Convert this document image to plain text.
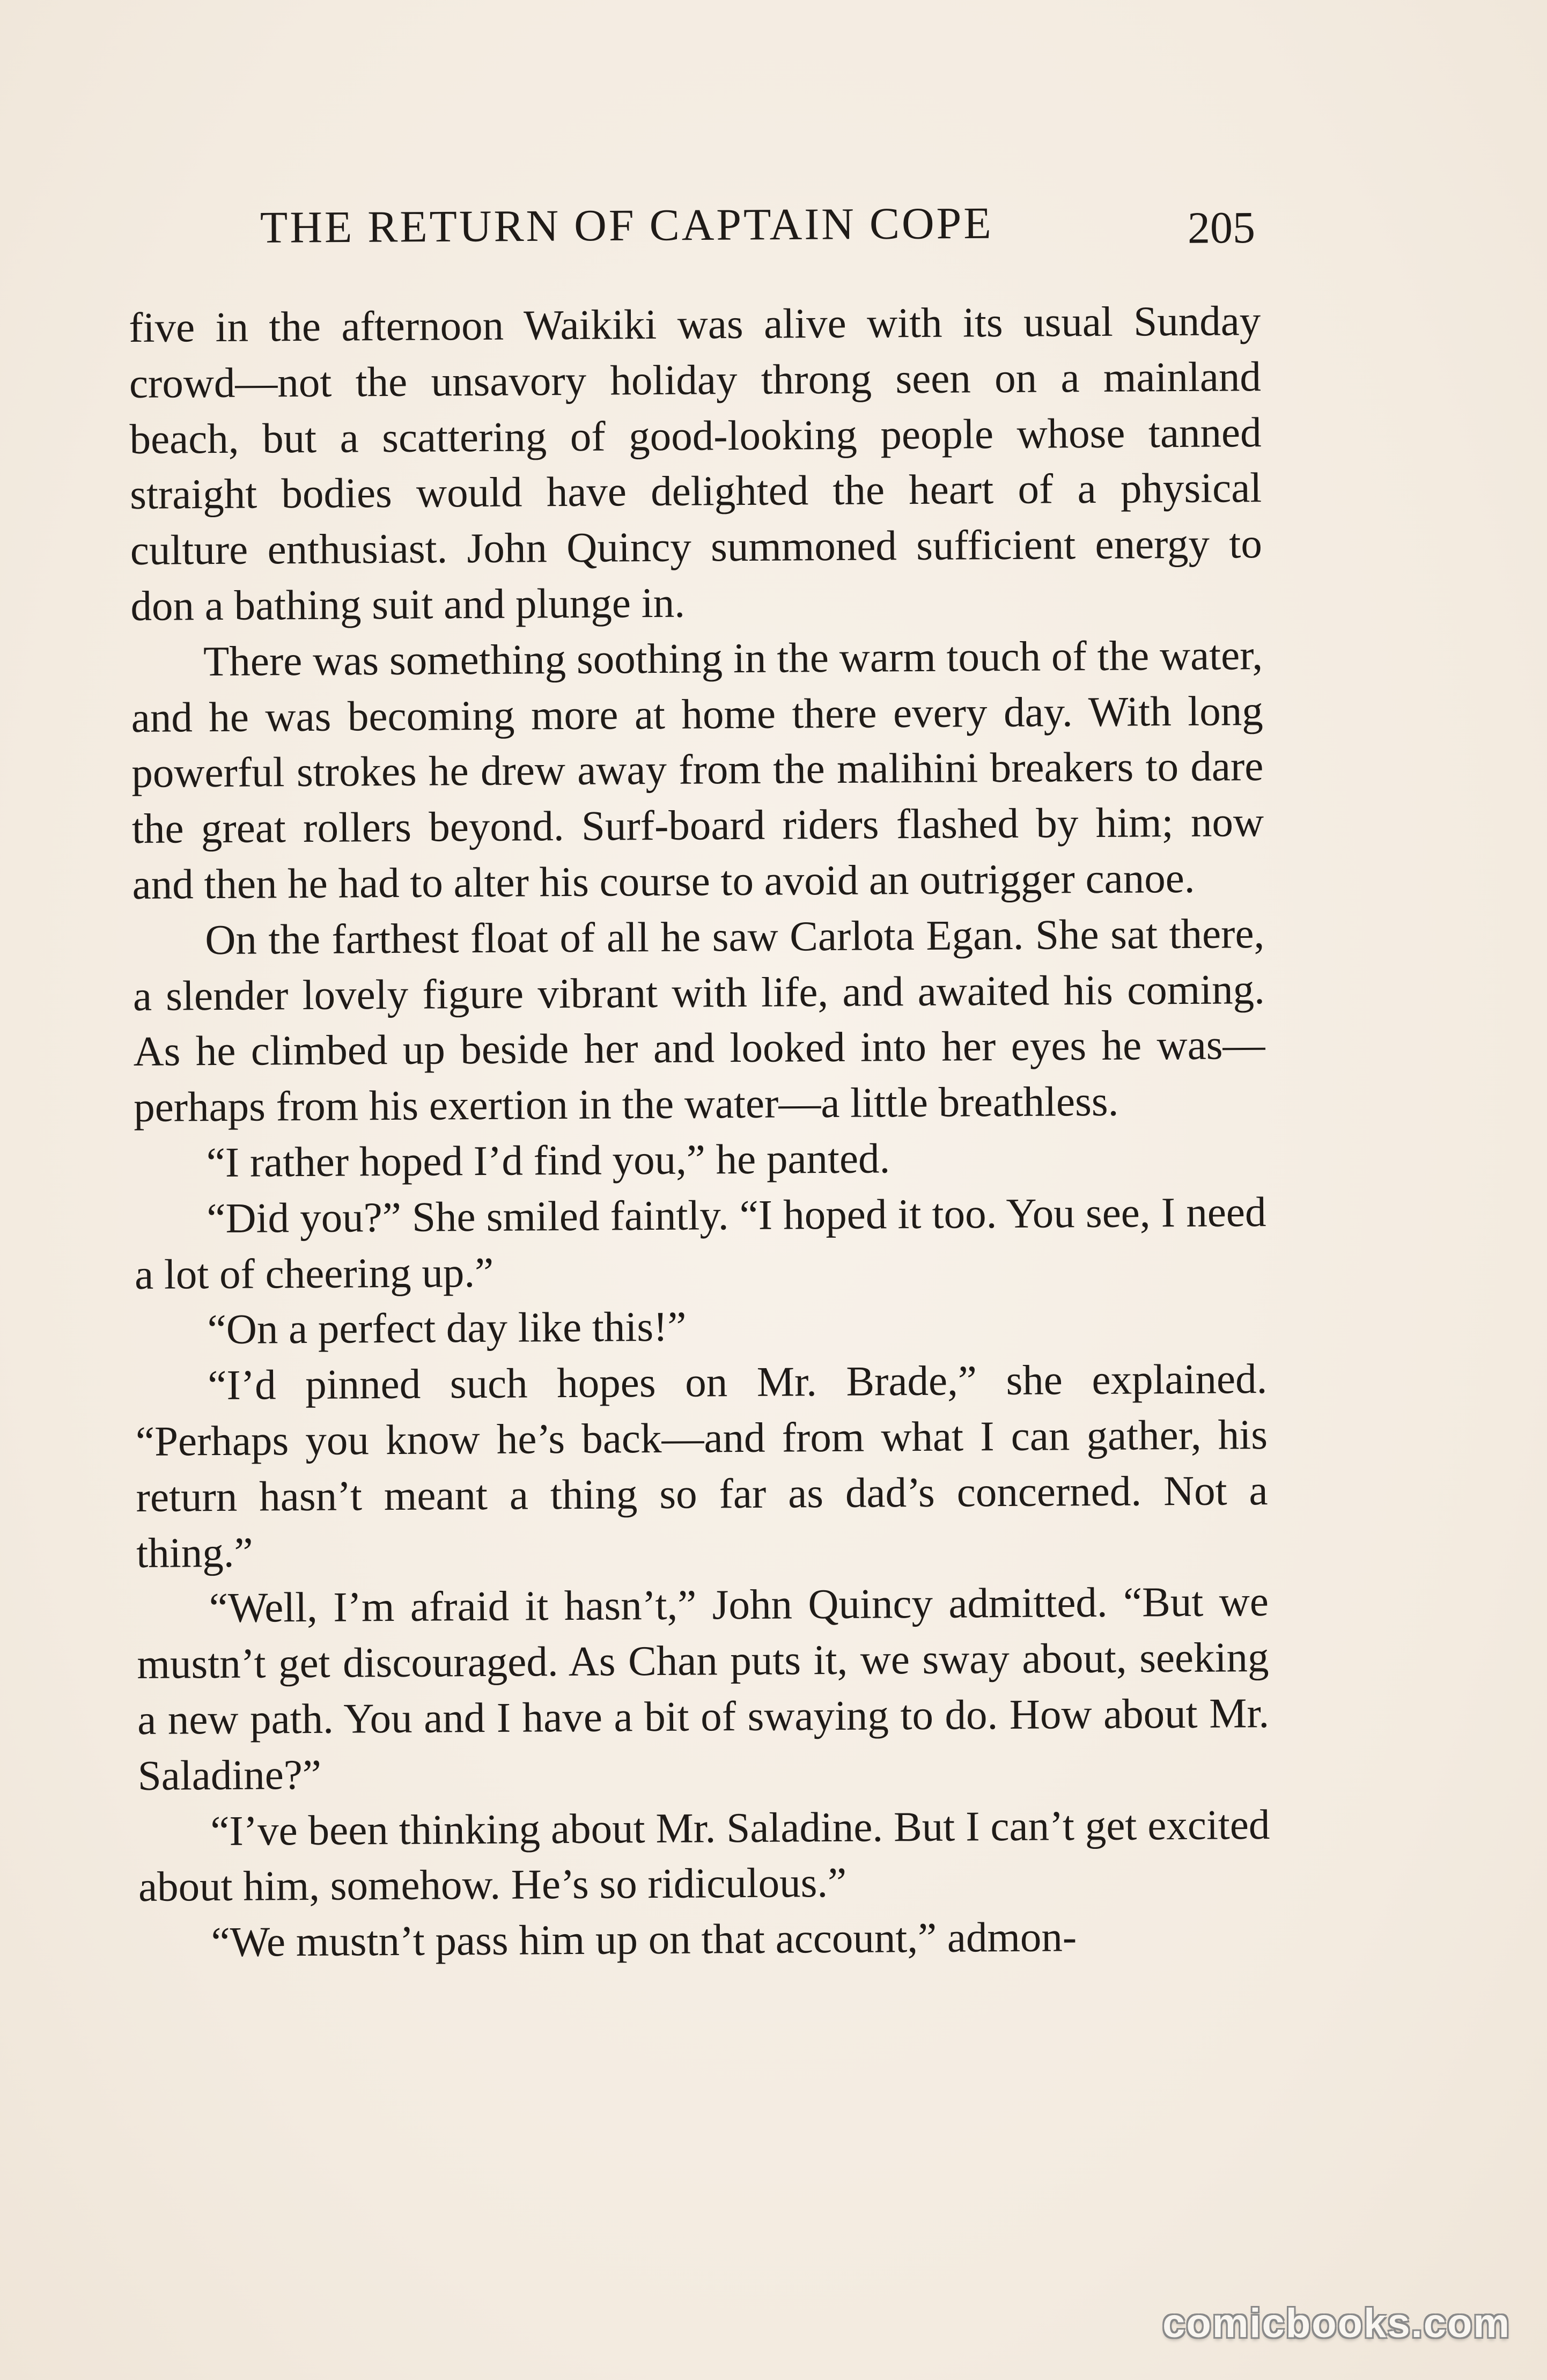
THE RETURN OF CAPTAIN COPE	205

five in the afternoon Waikiki was alive with its usual Sunday crowd—not the unsavory holiday throng seen on a mainland beach, but a scattering of good-looking people whose tanned straight bodies would have delighted the heart of a physical culture enthusiast. John Quincy summoned sufficient energy to don a bathing suit and plunge in.

There was something soothing in the warm touch of the water, and he was becoming more at home there every day. With long powerful strokes he drew away from the malihini breakers to dare the great rollers beyond. Surf-board riders flashed by him; now and then he had to alter his course to avoid an outrigger canoe.

On the farthest float of all he saw Carlota Egan. She sat there, a slender lovely figure vibrant with life, and awaited his coming. As he climbed up beside her and looked into her eyes he was—perhaps from his exertion in the water—a little breathless.

“I rather hoped I’d find you,” he panted.

“Did you?” She smiled faintly. “I hoped it too. You see, I need a lot of cheering up.”

“On a perfect day like this!”

“I’d pinned such hopes on Mr. Brade,” she explained. “Perhaps you know he’s back—and from what I can gather, his return hasn’t meant a thing so far as dad’s concerned. Not a thing.”

“Well, I’m afraid it hasn’t,” John Quincy admitted. “But we mustn’t get discouraged. As Chan puts it, we sway about, seeking a new path. You and I have a bit of swaying to do. How about Mr. Saladine?”

“I’ve been thinking about Mr. Saladine. But I can’t get excited about him, somehow. He’s so ridiculous.”

“We mustn’t pass him up on that account,” admon-

comicbooks.com
